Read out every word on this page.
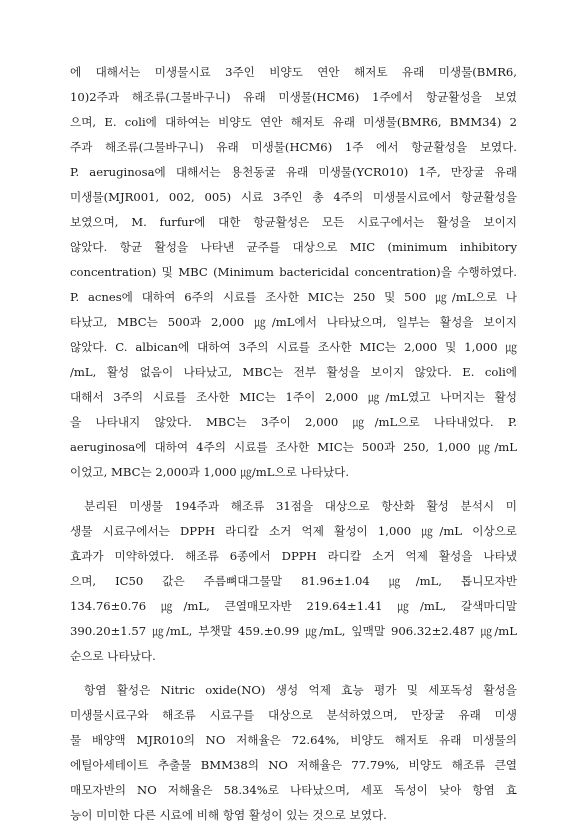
에 대해서는 미생물시료 3주인 비양도 연안 해저토 유래 미생물(BMR6,
10)2주과 해조류(그물바구니) 유래 미생물(HCM6) 1주에서 항균활성을 보였
으며, E. coli에 대하여는 비양도 연안 해저토 유래 미생물(BMR6, BMM34) 2
주과 해조류(그물바구니) 유래 미생물(HCM6) 1주 에서 항균활성을 보였다.
P. aeruginosa에 대해서는 용천동굴 유래 미생물(YCR010) 1주, 만장굴 유래
미생물(MJR001, 002, 005) 시료 3주인 총 4주의 미생물시료에서 항균활성을
보였으며, M. furfur에 대한 항균활성은 모든 시료구에서는 활성을 보이지
않았다. 항균 활성을 나타낸 균주를 대상으로 MIC (minimum inhibitory
concentration) 및 MBC (Minimum bactericidal concentration)을 수행하였다.
P. acnes에 대하여 6주의 시료를 조사한 MIC는 250 및 500 ㎍/mL으로 나
타났고, MBC는 500과 2,000 ㎍/mL에서 나타났으며, 일부는 활성을 보이지
않았다. C. albican에 대하여 3주의 시료를 조사한 MIC는 2,000 및 1,000 ㎍
/mL, 활성 없음이 나타났고, MBC는 전부 활성을 보이지 않았다. E. coli에
대해서 3주의 시료를 조사한 MIC는 1주이 2,000 ㎍/mL였고 나머지는 활성
을 나타내지 않았다. MBC는 3주이 2,000 ㎍/mL으로 나타내었다. P.
aeruginosa에 대하여 4주의 시료를 조사한 MIC는 500과 250, 1,000 ㎍/mL
이었고, MBC는 2,000과 1,000 ㎍/mL으로 나타났다.
분리된 미생물 194주과 해조류 31점을 대상으로 항산화 활성 분석시 미
생물 시료구에서는 DPPH 라디칼 소거 억제 활성이 1,000 ㎍/mL 이상으로
효과가 미약하였다. 해조류 6종에서 DPPH 라디칼 소거 억제 활성을 나타냈
으며, IC50 값은 주름뼈대그물말 81.96±1.04 ㎍/mL, 톱니모자반
134.76±0.76 ㎍/mL, 큰열매모자반 219.64±1.41 ㎍/mL, 갈색마디말
390.20±1.57 ㎍/mL, 부챗말 459.±0.99 ㎍/mL, 잎맥말 906.32±2.487 ㎍/mL
순으로 나타났다.
항염 활성은 Nitric oxide(NO) 생성 억제 효능 평가 및 세포독성 활성을
미생물시료구와 해조류 시료구를 대상으로 분석하였으며, 만장굴 유래 미생
물 배양액 MJR010의 NO 저해율은 72.64%, 비양도 해저토 유래 미생물의
에틸아세테이트 추출물 BMM38의 NO 저해율은 77.79%, 비양도 해조류 큰열
매모자반의 NO 저해율은 58.34%로 나타났으며, 세포 독성이 낮아 항염 효
능이 미미한 다른 시료에 비해 항염 활성이 있는 것으로 보였다.
